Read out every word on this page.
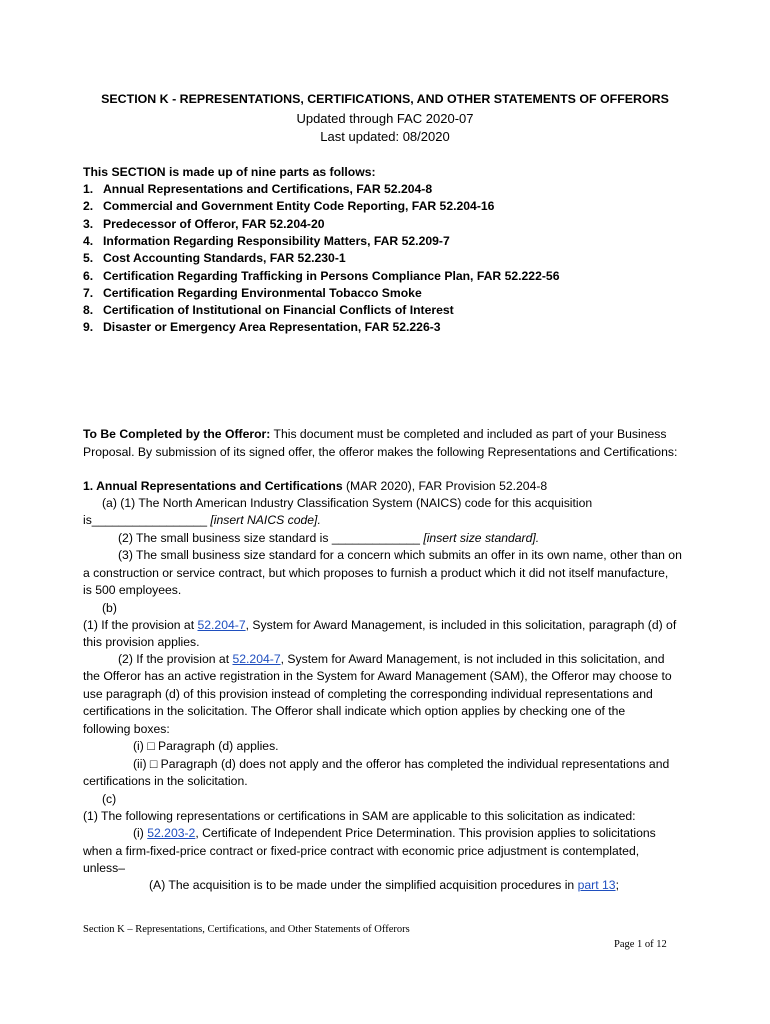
SECTION K - REPRESENTATIONS, CERTIFICATIONS, AND OTHER STATEMENTS OF OFFERORS
Updated through FAC 2020-07
Last updated: 08/2020
This SECTION is made up of nine parts as follows:
1. Annual Representations and Certifications, FAR 52.204-8
2. Commercial and Government Entity Code Reporting, FAR 52.204-16
3. Predecessor of Offeror, FAR 52.204-20
4. Information Regarding Responsibility Matters, FAR 52.209-7
5. Cost Accounting Standards, FAR 52.230-1
6. Certification Regarding Trafficking in Persons Compliance Plan, FAR 52.222-56
7. Certification Regarding Environmental Tobacco Smoke
8. Certification of Institutional on Financial Conflicts of Interest
9. Disaster or Emergency Area Representation, FAR 52.226-3
To Be Completed by the Offeror: This document must be completed and included as part of your Business
Proposal. By submission of its signed offer, the offeror makes the following Representations and Certifications:
1. Annual Representations and Certifications (MAR 2020), FAR Provision 52.204-8
(a) (1) The North American Industry Classification System (NAICS) code for this acquisition
is_________________ [insert NAICS code].
(2) The small business size standard is _____________ [insert size standard].
(3) The small business size standard for a concern which submits an offer in its own name, other than on
a construction or service contract, but which proposes to furnish a product which it did not itself manufacture,
is 500 employees.
(b)
(1) If the provision at 52.204-7, System for Award Management, is included in this solicitation, paragraph (d) of
this provision applies.
(2) If the provision at 52.204-7, System for Award Management, is not included in this solicitation, and
the Offeror has an active registration in the System for Award Management (SAM), the Offeror may choose to
use paragraph (d) of this provision instead of completing the corresponding individual representations and
certifications in the solicitation. The Offeror shall indicate which option applies by checking one of the
following boxes:
(i) □ Paragraph (d) applies.
(ii) □ Paragraph (d) does not apply and the offeror has completed the individual representations and
certifications in the solicitation.
(c)
(1) The following representations or certifications in SAM are applicable to this solicitation as indicated:
(i) 52.203-2, Certificate of Independent Price Determination. This provision applies to solicitations
when a firm-fixed-price contract or fixed-price contract with economic price adjustment is contemplated,
unless–
(A) The acquisition is to be made under the simplified acquisition procedures in part 13;
Section K – Representations, Certifications, and Other Statements of Offerors
Page 1 of 12
